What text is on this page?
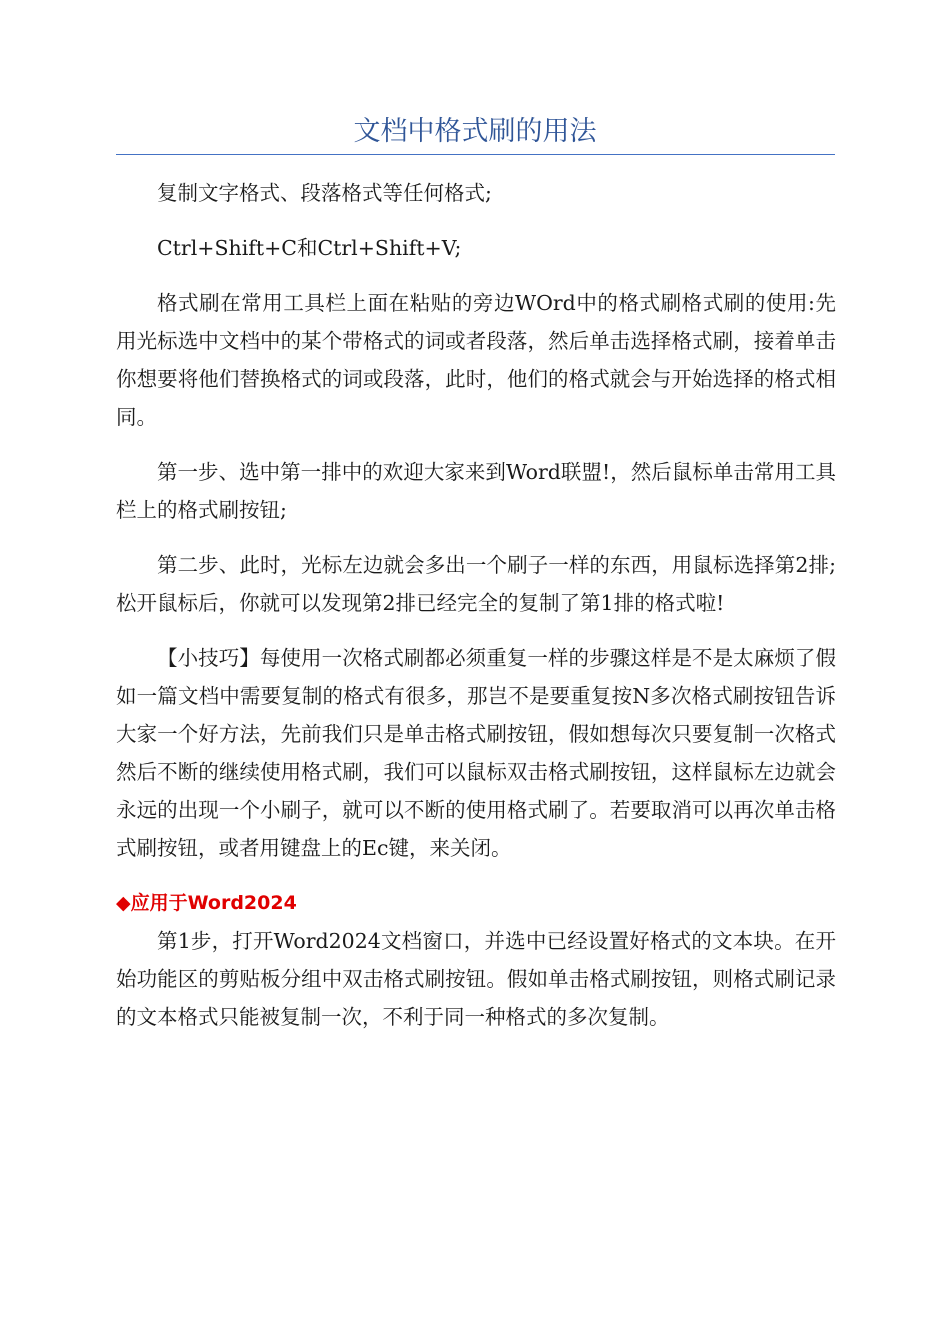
文档中格式刷的用法

复制文字格式、段落格式等任何格式;

Ctrl+Shift+C和Ctrl+Shift+V;

格式刷在常用工具栏上面在粘贴的旁边WOrd中的格式刷格式刷的使用:先用光标选中文档中的某个带格式的词或者段落，然后单击选择格式刷，接着单击你想要将他们替换格式的词或段落，此时，他们的格式就会与开始选择的格式相同。

第一步、选中第一排中的欢迎大家来到Word联盟!，然后鼠标单击常用工具栏上的格式刷按钮;

第二步、此时，光标左边就会多出一个刷子一样的东西，用鼠标选择第2排;松开鼠标后，你就可以发现第2排已经完全的复制了第1排的格式啦!

【小技巧】每使用一次格式刷都必须重复一样的步骤这样是不是太麻烦了假如一篇文档中需要复制的格式有很多，那岂不是要重复按N多次格式刷按钮告诉大家一个好方法，先前我们只是单击格式刷按钮，假如想每次只要复制一次格式然后不断的继续使用格式刷，我们可以鼠标双击格式刷按钮，这样鼠标左边就会永远的出现一个小刷子，就可以不断的使用格式刷了。若要取消可以再次单击格式刷按钮，或者用键盘上的Ec键，来关闭。

◆应用于Word2024

第1步，打开Word2024文档窗口，并选中已经设置好格式的文本块。在开始功能区的剪贴板分组中双击格式刷按钮。假如单击格式刷按钮，则格式刷记录的文本格式只能被复制一次，不利于同一种格式的多次复制。
